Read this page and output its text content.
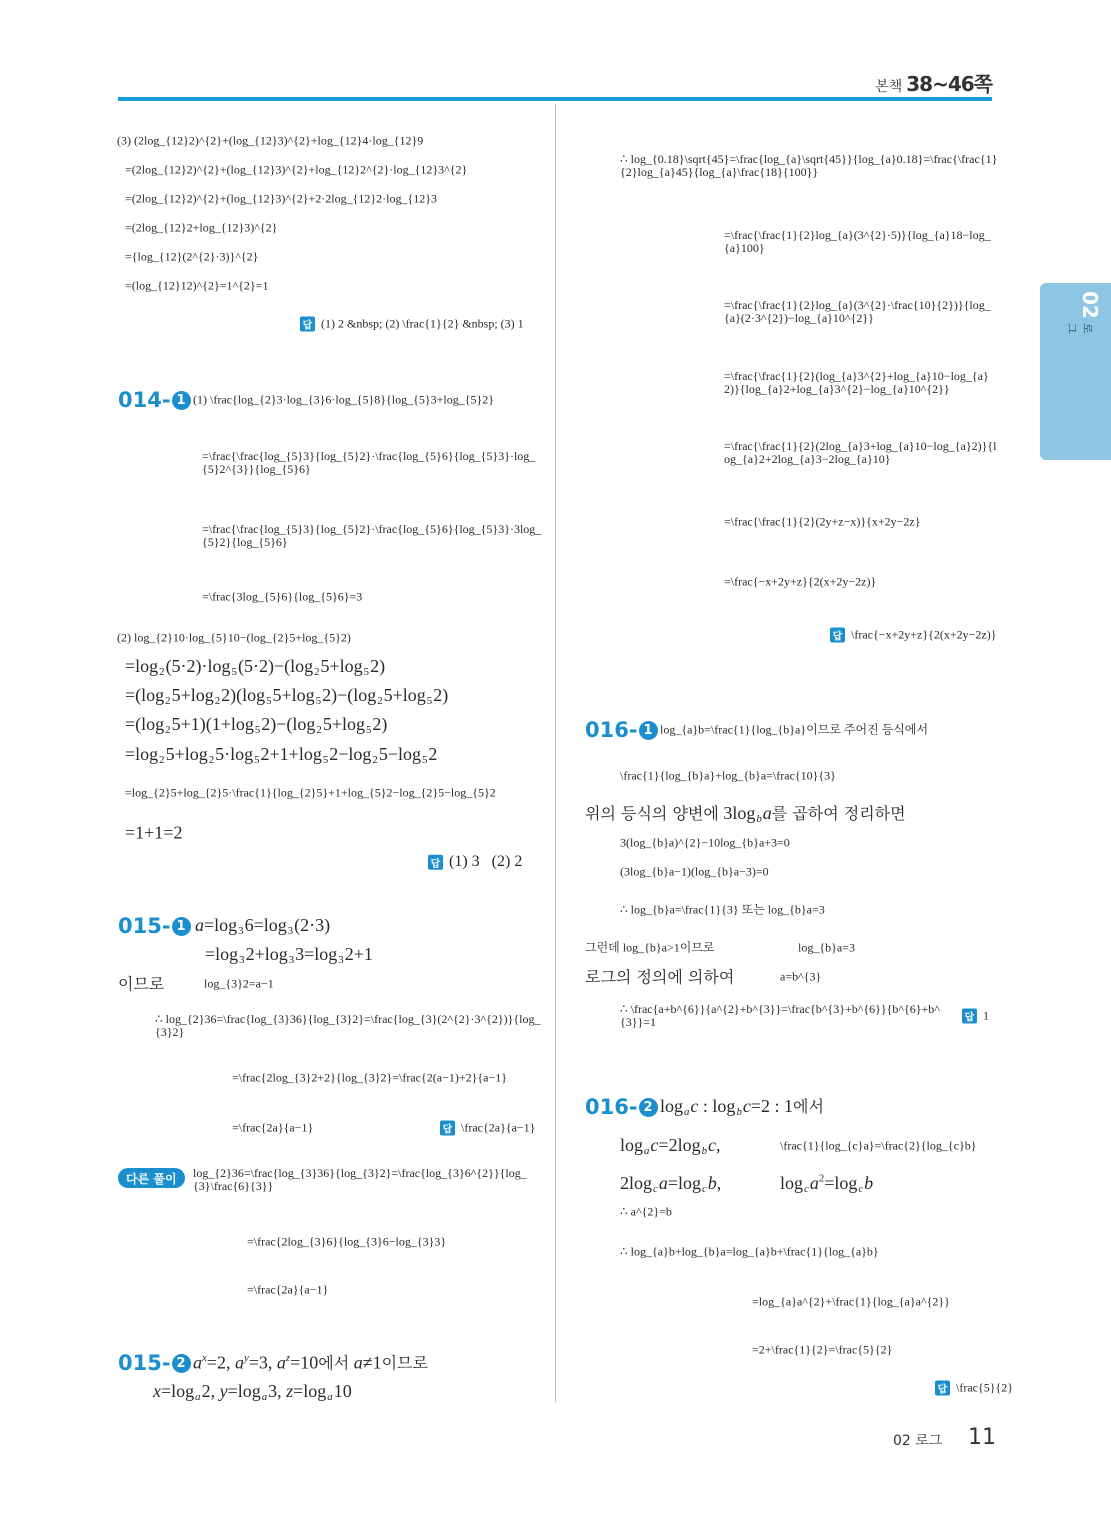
본책 38~46쪽
02
로그
(3) (2log_{12}2)^{2}+(log_{12}3)^{2}+log_{12}4·log_{12}9
=(2log_{12}2)^{2}+(log_{12}3)^{2}+log_{12}2^{2}·log_{12}3^{2}
=(2log_{12}2)^{2}+(log_{12}3)^{2}+2·2log_{12}2·log_{12}3
=(2log_{12}2+log_{12}3)^{2}
={log_{12}(2^{2}·3)}^{2}
=(log_{12}12)^{2}=1^{2}=1
답 (1) 2 &nbsp; (2) \frac{1}{2} &nbsp; (3) 1
014- 1 (1) \frac{log_{2}3·log_{3}6·log_{5}8}{log_{5}3+log_{5}2}
=\frac{\frac{log_{5}3}{log_{5}2}·\frac{log_{5}6}{log_{5}3}·log_{5}2^{3}}{log_{5}6}
=\frac{\frac{log_{5}3}{log_{5}2}·\frac{log_{5}6}{log_{5}3}·3log_{5}2}{log_{5}6}
=\frac{3log_{5}6}{log_{5}6}=3
(2) log_{2}10·log_{5}10−(log_{2}5+log_{5}2)
$=\log_2(5\cdot 2)\cdot\log_5(5\cdot 2)-(\log_25+\log_52)$
$=(\log_25+\log_22)(\log_55+\log_52)-(\log_25+\log_52)$
$=(\log_25+1)(1+\log_52)-(\log_25+\log_52)$
$=\log_25+\log_25\cdot\log_52+1+\log_52-\log_25-\log_52$
=log_{2}5+log_{2}5·\frac{1}{log_{2}5}+1+log_{5}2−log_{2}5−log_{5}2
=1+1=2
답 (1) 3   (2) 2
015- 1 $a=\log_36=\log_3(2\cdot 3)$
$=\log_32+\log_33=\log_32+1$
이므로	log_{3}2=a−1
∴ log_{2}36=\frac{log_{3}36}{log_{3}2}=\frac{log_{3}(2^{2}·3^{2})}{log_{3}2}
=\frac{2log_{3}2+2}{log_{3}2}=\frac{2(a−1)+2}{a−1}
=\frac{2a}{a−1}	답 \frac{2a}{a−1}
다른 풀이	log_{2}36=\frac{log_{3}36}{log_{3}2}=\frac{log_{3}6^{2}}{log_{3}\frac{6}{3}}
=\frac{2log_{3}6}{log_{3}6−log_{3}3}
=\frac{2a}{a−1}
015- 2 $a^x=2$, $a^y=3$, $a^z=10$에서 a≠1이므로
$x=\log_a2$, $y=\log_a3$, $z=\log_a10$
∴ log_{0.18}\sqrt{45}=\frac{log_{a}\sqrt{45}}{log_{a}0.18}=\frac{\frac{1}{2}log_{a}45}{log_{a}\frac{18}{100}}
=\frac{\frac{1}{2}log_{a}(3^{2}·5)}{log_{a}18−log_{a}100}
=\frac{\frac{1}{2}log_{a}(3^{2}·\frac{10}{2})}{log_{a}(2·3^{2})−log_{a}10^{2}}
=\frac{\frac{1}{2}(log_{a}3^{2}+log_{a}10−log_{a}2)}{log_{a}2+log_{a}3^{2}−log_{a}10^{2}}
=\frac{\frac{1}{2}(2log_{a}3+log_{a}10−log_{a}2)}{log_{a}2+2log_{a}3−2log_{a}10}
=\frac{\frac{1}{2}(2y+z−x)}{x+2y−2z}
=\frac{−x+2y+z}{2(x+2y−2z)}
답 \frac{−x+2y+z}{2(x+2y−2z)}
016- 1 log_{a}b=\frac{1}{log_{b}a}이므로 주어진 등식에서
\frac{1}{log_{b}a}+log_{b}a=\frac{10}{3}
위의 등식의 양변에 $3\log_ba$를 곱하여 정리하면
3(log_{b}a)^{2}−10log_{b}a+3=0
(3log_{b}a−1)(log_{b}a−3)=0
∴ log_{b}a=\frac{1}{3} 또는 log_{b}a=3
그런데 log_{b}a>1이므로	log_{b}a=3
로그의 정의에 의하여	a=b^{3}
∴ \frac{a+b^{6}}{a^{2}+b^{3}}=\frac{b^{3}+b^{6}}{b^{6}+b^{3}}=1	답 1
016- 2 $\log_ac$ : $\log_bc=2$ : 1에서
$\log_ac=2\log_bc$,	\frac{1}{log_{c}a}=\frac{2}{log_{c}b}
$2\log_ca=\log_cb$,	$\log_ca^2=\log_cb$
∴ a^{2}=b
∴ log_{a}b+log_{b}a=log_{a}b+\frac{1}{log_{a}b}
=log_{a}a^{2}+\frac{1}{log_{a}a^{2}}
=2+\frac{1}{2}=\frac{5}{2}
답 \frac{5}{2}
02 로그 11
